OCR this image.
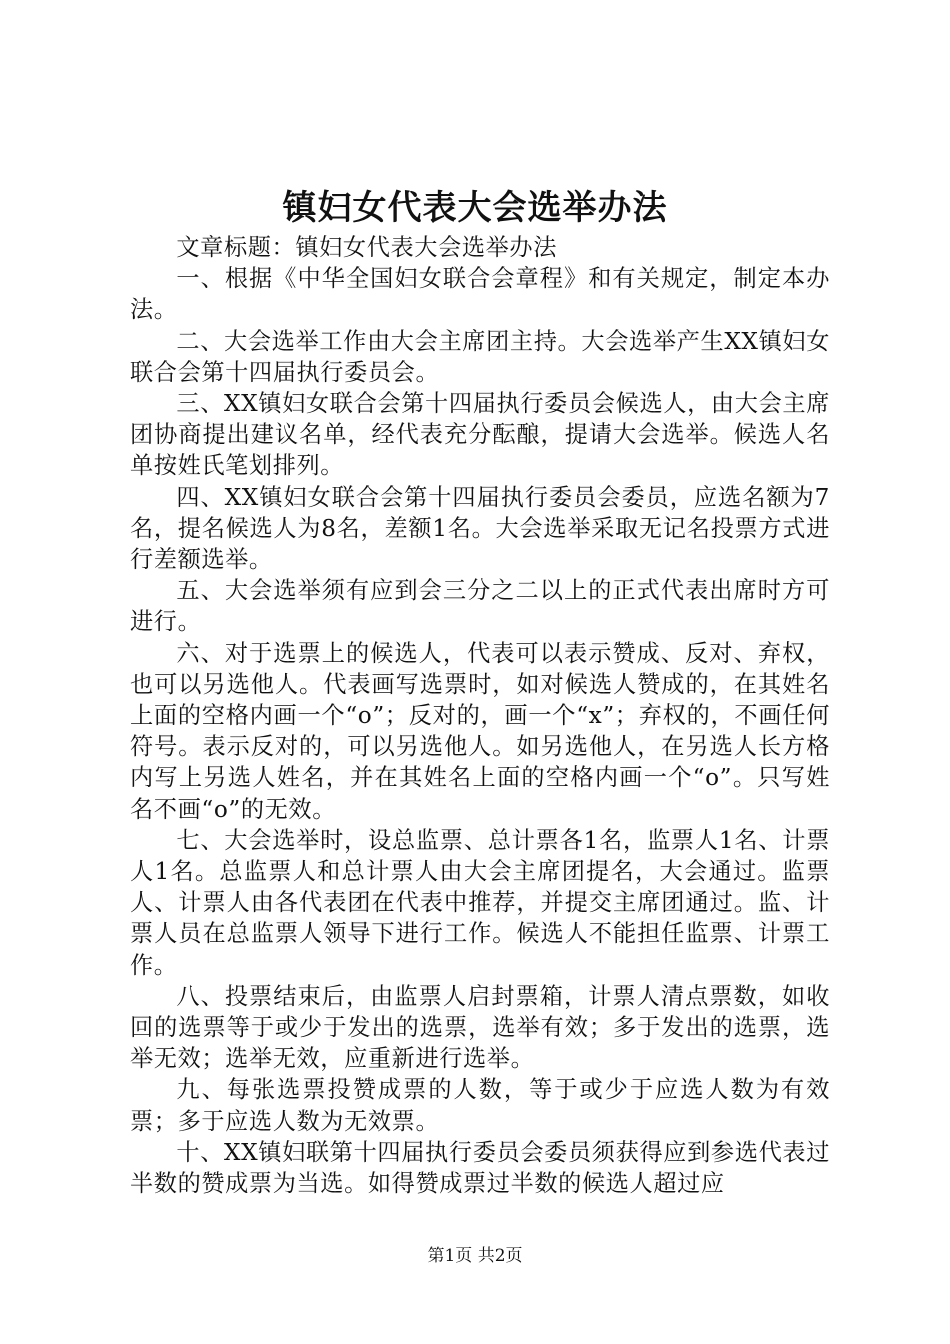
镇妇女代表大会选举办法

文章标题：镇妇女代表大会选举办法

一、根据《中华全国妇女联合会章程》和有关规定，制定本办法。

二、大会选举工作由大会主席团主持。大会选举产生XX镇妇女联合会第十四届执行委员会。

三、XX镇妇女联合会第十四届执行委员会候选人，由大会主席团协商提出建议名单，经代表充分酝酿，提请大会选举。候选人名单按姓氏笔划排列。

四、XX镇妇女联合会第十四届执行委员会委员，应选名额为7名，提名候选人为8名，差额1名。大会选举采取无记名投票方式进行差额选举。

五、大会选举须有应到会三分之二以上的正式代表出席时方可进行。

六、对于选票上的候选人，代表可以表示赞成、反对、弃权，也可以另选他人。代表画写选票时，如对候选人赞成的，在其姓名上面的空格内画一个“o”；反对的，画一个“x”；弃权的，不画任何符号。表示反对的，可以另选他人。如另选他人，在另选人长方格内写上另选人姓名，并在其姓名上面的空格内画一个“o”。只写姓名不画“o”的无效。

七、大会选举时，设总监票、总计票各1名，监票人1名、计票人1名。总监票人和总计票人由大会主席团提名，大会通过。监票人、计票人由各代表团在代表中推荐，并提交主席团通过。监、计票人员在总监票人领导下进行工作。候选人不能担任监票、计票工作。

八、投票结束后，由监票人启封票箱，计票人清点票数，如收回的选票等于或少于发出的选票，选举有效；多于发出的选票，选举无效；选举无效，应重新进行选举。

九、每张选票投赞成票的人数，等于或少于应选人数为有效票；多于应选人数为无效票。

十、XX镇妇联第十四届执行委员会委员须获得应到参选代表过半数的赞成票为当选。如得赞成票过半数的候选人超过应

第1页 共2页
